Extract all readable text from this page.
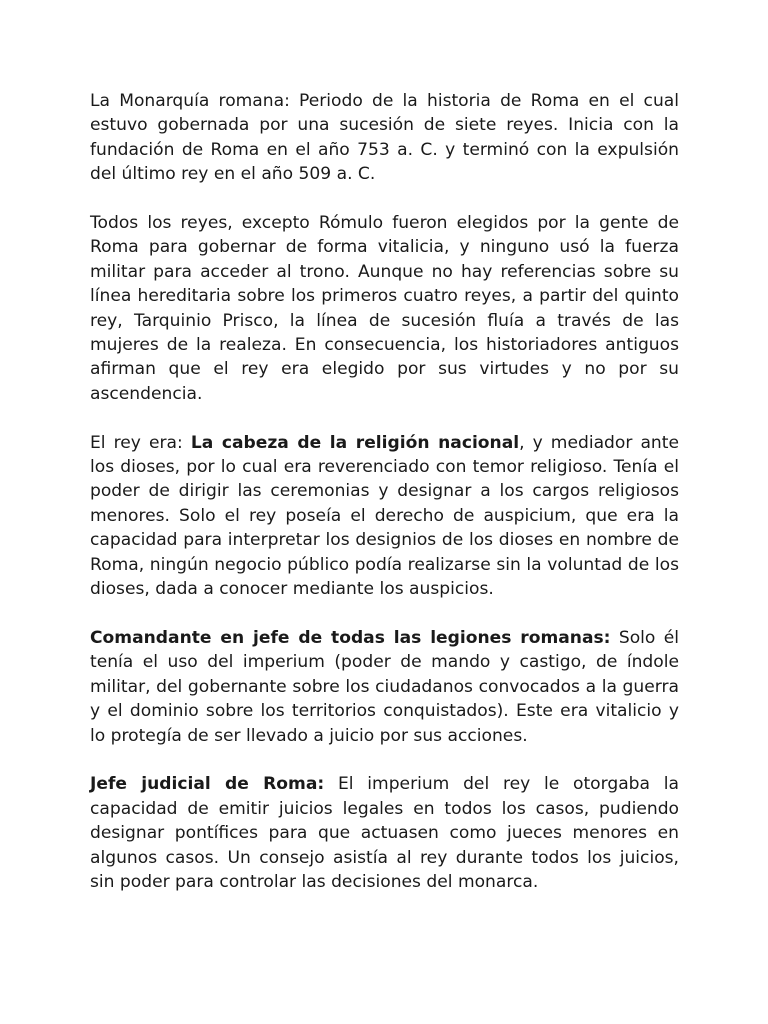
La Monarquía romana: Periodo de la historia de Roma en el cual estuvo gobernada por una sucesión de siete reyes. Inicia con la fundación de Roma en el año 753 a. C. y terminó con la expulsión del último rey en el año 509 a. C.

Todos los reyes, excepto Rómulo fueron elegidos por la gente de Roma para gobernar de forma vitalicia, y ninguno usó la fuerza militar para acceder al trono. Aunque no hay referencias sobre su línea hereditaria sobre los primeros cuatro reyes, a partir del quinto rey, Tarquinio Prisco, la línea de sucesión fluía a través de las mujeres de la realeza. En consecuencia, los historiadores antiguos afirman que el rey era elegido por sus virtudes y no por su ascendencia.

El rey era: La cabeza de la religión nacional, y mediador ante los dioses, por lo cual era reverenciado con temor religioso. Tenía el poder de dirigir las ceremonias y designar a los cargos religiosos menores. Solo el rey poseía el derecho de auspicium, que era la capacidad para interpretar los designios de los dioses en nombre de Roma, ningún negocio público podía realizarse sin la voluntad de los dioses, dada a conocer mediante los auspicios.

Comandante en jefe de todas las legiones romanas: Solo él tenía el uso del imperium (poder de mando y castigo, de índole militar, del gobernante sobre los ciudadanos convocados a la guerra y el dominio sobre los territorios conquistados). Este era vitalicio y lo protegía de ser llevado a juicio por sus acciones.

Jefe judicial de Roma: El imperium del rey le otorgaba la capacidad de emitir juicios legales en todos los casos, pudiendo designar pontífices para que actuasen como jueces menores en algunos casos. Un consejo asistía al rey durante todos los juicios, sin poder para controlar las decisiones del monarca.
